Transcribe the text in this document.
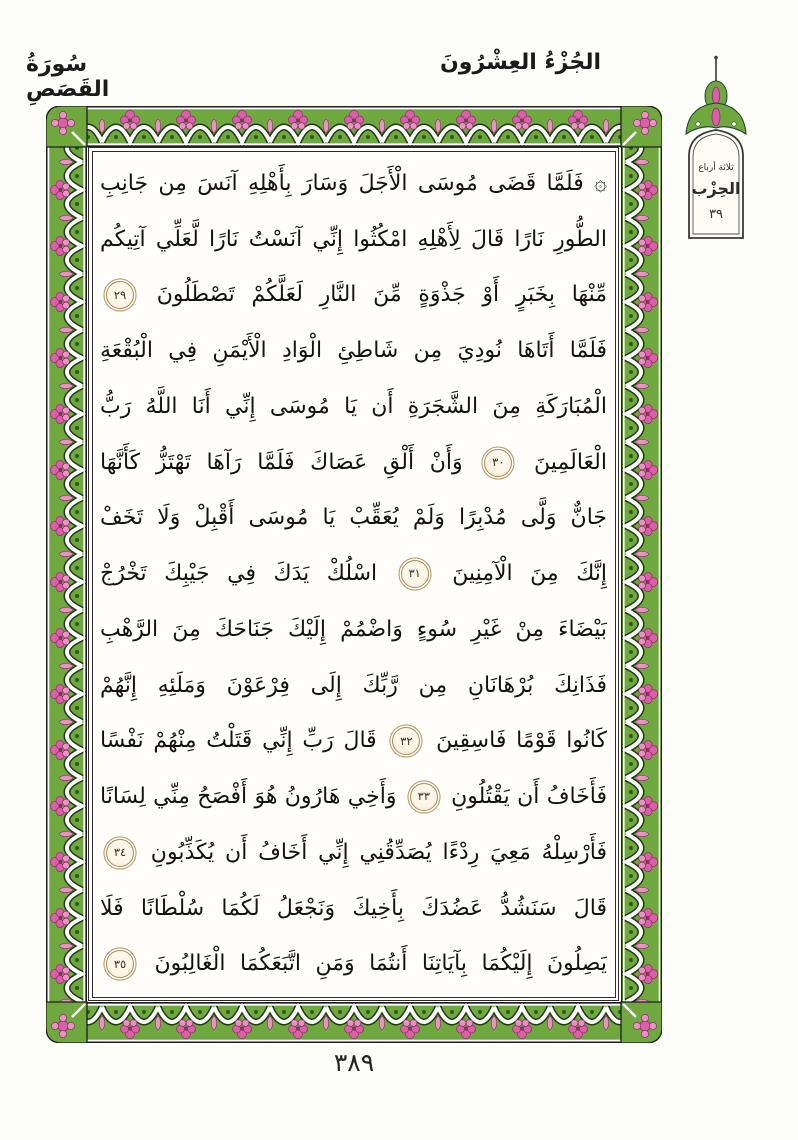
سُورَةُ القَصَصِ
الجُزْءُ العِشْرُونَ
ثلاثة أرباع
الحِزْب
٣٩
۞ فَلَمَّا قَضَى مُوسَى الْأَجَلَ وَسَارَ بِأَهْلِهِ آنَسَ مِن جَانِبِ
الطُّورِ نَارًا قَالَ لِأَهْلِهِ امْكُثُوا إِنِّي آنَسْتُ نَارًا لَّعَلِّي آتِيكُم
مِّنْهَا بِخَبَرٍ أَوْ جَذْوَةٍ مِّنَ النَّارِ لَعَلَّكُمْ تَصْطَلُونَ ٢٩
فَلَمَّا أَتَاهَا نُودِيَ مِن شَاطِئِ الْوَادِ الْأَيْمَنِ فِي الْبُقْعَةِ
الْمُبَارَكَةِ مِنَ الشَّجَرَةِ أَن يَا مُوسَى إِنِّي أَنَا اللَّهُ رَبُّ
الْعَالَمِينَ ٣٠ وَأَنْ أَلْقِ عَصَاكَ فَلَمَّا رَآهَا تَهْتَزُّ كَأَنَّهَا
جَانٌّ وَلَّى مُدْبِرًا وَلَمْ يُعَقِّبْ يَا مُوسَى أَقْبِلْ وَلَا تَخَفْ
إِنَّكَ مِنَ الْآمِنِينَ ٣١ اسْلُكْ يَدَكَ فِي جَيْبِكَ تَخْرُجْ
بَيْضَاءَ مِنْ غَيْرِ سُوءٍ وَاضْمُمْ إِلَيْكَ جَنَاحَكَ مِنَ الرَّهْبِ
فَذَانِكَ بُرْهَانَانِ مِن رَّبِّكَ إِلَى فِرْعَوْنَ وَمَلَئِهِ إِنَّهُمْ
كَانُوا قَوْمًا فَاسِقِينَ ٣٢ قَالَ رَبِّ إِنِّي قَتَلْتُ مِنْهُمْ نَفْسًا
فَأَخَافُ أَن يَقْتُلُونِ ٣٣ وَأَخِي هَارُونُ هُوَ أَفْصَحُ مِنِّي لِسَانًا
فَأَرْسِلْهُ مَعِيَ رِدْءًا يُصَدِّقُنِي إِنِّي أَخَافُ أَن يُكَذِّبُونِ ٣٤
قَالَ سَنَشُدُّ عَضُدَكَ بِأَخِيكَ وَنَجْعَلُ لَكُمَا سُلْطَانًا فَلَا
يَصِلُونَ إِلَيْكُمَا بِآيَاتِنَا أَنتُمَا وَمَنِ اتَّبَعَكُمَا الْغَالِبُونَ ٣٥
٣٨٩
